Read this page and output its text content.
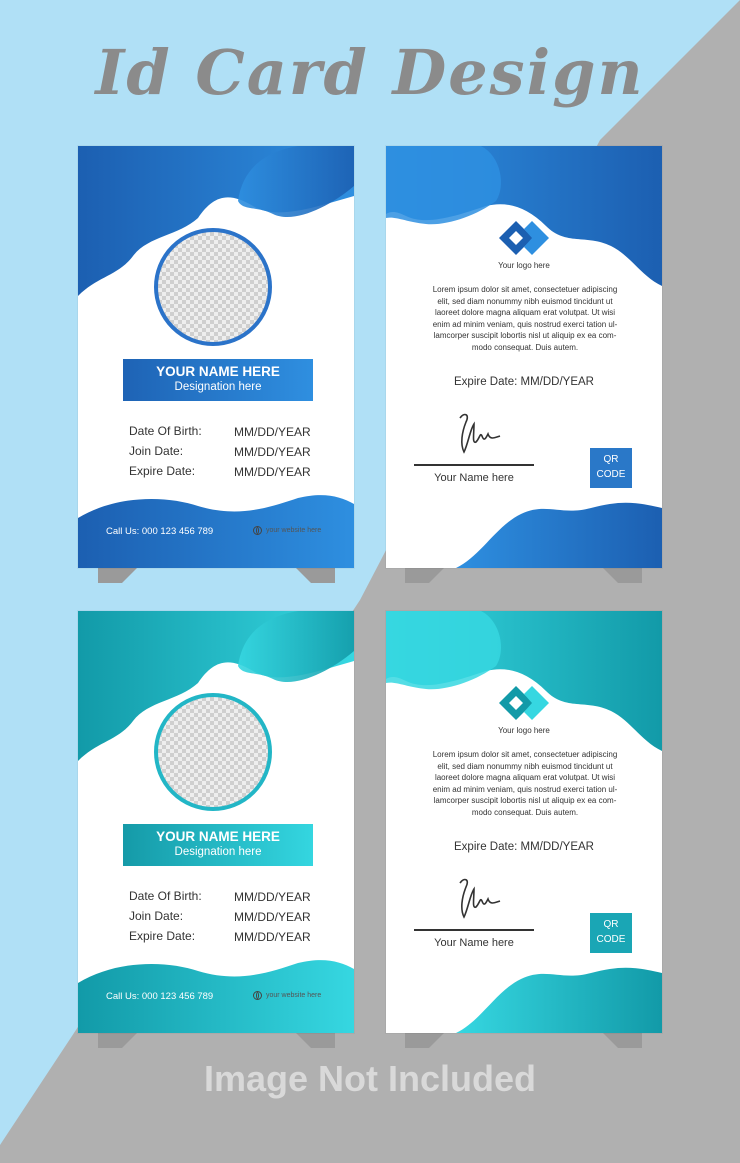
Id Card Design
YOUR NAME HERE
Designation here
Date Of Birth:	MM/DD/YEAR
Join Date:	MM/DD/YEAR
Expire Date:	MM/DD/YEAR
Call Us: 000 123 456 789	your website here
Your logo here
Lorem ipsum dolor sit amet, consectetuer adipiscing
elit, sed diam nonummy nibh euismod tincidunt ut
laoreet dolore magna aliquam erat volutpat. Ut wisi
enim ad minim veniam, quis nostrud exerci tation ul-
lamcorper suscipit lobortis nisl ut aliquip ex ea com-
modo consequat. Duis autem.
Expire Date: MM/DD/YEAR
Your Name here
QR
CODE
YOUR NAME HERE
Designation here
Date Of Birth:	MM/DD/YEAR
Join Date:	MM/DD/YEAR
Expire Date:	MM/DD/YEAR
Call Us: 000 123 456 789	your website here
Your logo here
Lorem ipsum dolor sit amet, consectetuer adipiscing
elit, sed diam nonummy nibh euismod tincidunt ut
laoreet dolore magna aliquam erat volutpat. Ut wisi
enim ad minim veniam, quis nostrud exerci tation ul-
lamcorper suscipit lobortis nisl ut aliquip ex ea com-
modo consequat. Duis autem.
Expire Date: MM/DD/YEAR
Your Name here
QR
CODE
Image Not Included
